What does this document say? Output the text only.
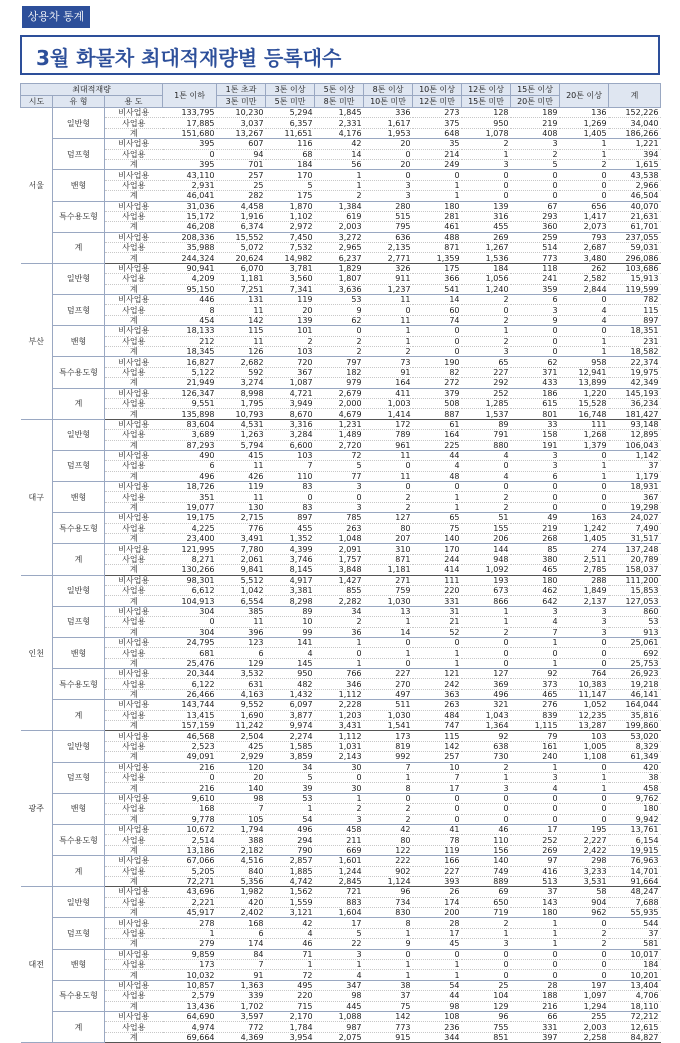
상용차 통계
3월 화물차 최대적재량별 등록대수
최대적재량			1톤 이하	1톤 초과	3톤 이상	5톤 이상	8톤 이상	10톤 이상	12톤 이상	15톤 이상	20톤 이상	계
시도	유 형	용 도		3톤 미만	5톤 미만	8톤 미만	10톤 미만	12톤 미만	15톤 미만	20톤 미만		
서울	일반형	비사업용	133,795	10,230	5,294	1,845	336	273	128	189	136	152,226
		사업용	17,885	3,037	6,357	2,331	1,617	375	950	219	1,269	34,040
		계	151,680	13,267	11,651	4,176	1,953	648	1,078	408	1,405	186,266
	덤프형	비사업용	395	607	116	42	20	35	2	3	1	1,221
		사업용	0	94	68	14	0	214	1	2	1	394
		계	395	701	184	56	20	249	3	5	2	1,615
	밴형	비사업용	43,110	257	170	1	0	0	0	0	0	43,538
		사업용	2,931	25	5	1	3	1	0	0	0	2,966
		계	46,041	282	175	2	3	1	0	0	0	46,504
	특수용도형	비사업용	31,036	4,458	1,870	1,384	280	180	139	67	656	40,070
		사업용	15,172	1,916	1,102	619	515	281	316	293	1,417	21,631
		계	46,208	6,374	2,972	2,003	795	461	455	360	2,073	61,701
	계	비사업용	208,336	15,552	7,450	3,272	636	488	269	259	793	237,055
		사업용	35,988	5,072	7,532	2,965	2,135	871	1,267	514	2,687	59,031
		계	244,324	20,624	14,982	6,237	2,771	1,359	1,536	773	3,480	296,086
부산	일반형	비사업용	90,941	6,070	3,781	1,829	326	175	184	118	262	103,686
		사업용	4,209	1,181	3,560	1,807	911	366	1,056	241	2,582	15,913
		계	95,150	7,251	7,341	3,636	1,237	541	1,240	359	2,844	119,599
	덤프형	비사업용	446	131	119	53	11	14	2	6	0	782
		사업용	8	11	20	9	0	60	0	3	4	115
		계	454	142	139	62	11	74	2	9	4	897
	밴형	비사업용	18,133	115	101	0	1	0	1	0	0	18,351
		사업용	212	11	2	2	1	0	2	0	1	231
		계	18,345	126	103	2	2	0	3	0	1	18,582
	특수용도형	비사업용	16,827	2,682	720	797	73	190	65	62	958	22,374
		사업용	5,122	592	367	182	91	82	227	371	12,941	19,975
		계	21,949	3,274	1,087	979	164	272	292	433	13,899	42,349
	계	비사업용	126,347	8,998	4,721	2,679	411	379	252	186	1,220	145,193
		사업용	9,551	1,795	3,949	2,000	1,003	508	1,285	615	15,528	36,234
		계	135,898	10,793	8,670	4,679	1,414	887	1,537	801	16,748	181,427
대구	일반형	비사업용	83,604	4,531	3,316	1,231	172	61	89	33	111	93,148
		사업용	3,689	1,263	3,284	1,489	789	164	791	158	1,268	12,895
		계	87,293	5,794	6,600	2,720	961	225	880	191	1,379	106,043
	덤프형	비사업용	490	415	103	72	11	44	4	3	0	1,142
		사업용	6	11	7	5	0	4	0	3	1	37
		계	496	426	110	77	11	48	4	6	1	1,179
	밴형	비사업용	18,726	119	83	3	0	0	0	0	0	18,931
		사업용	351	11	0	0	2	1	2	0	0	367
		계	19,077	130	83	3	2	1	2	0	0	19,298
	특수용도형	비사업용	19,175	2,715	897	785	127	65	51	49	163	24,027
		사업용	4,225	776	455	263	80	75	155	219	1,242	7,490
		계	23,400	3,491	1,352	1,048	207	140	206	268	1,405	31,517
	계	비사업용	121,995	7,780	4,399	2,091	310	170	144	85	274	137,248
		사업용	8,271	2,061	3,746	1,757	871	244	948	380	2,511	20,789
		계	130,266	9,841	8,145	3,848	1,181	414	1,092	465	2,785	158,037
인천	일반형	비사업용	98,301	5,512	4,917	1,427	271	111	193	180	288	111,200
		사업용	6,612	1,042	3,381	855	759	220	673	462	1,849	15,853
		계	104,913	6,554	8,298	2,282	1,030	331	866	642	2,137	127,053
	덤프형	비사업용	304	385	89	34	13	31	1	3	3	860
		사업용	0	11	10	2	1	21	1	4	3	53
		계	304	396	99	36	14	52	2	7	3	913
	밴형	비사업용	24,795	123	141	1	0	0	0	1	0	25,061
		사업용	681	6	4	0	1	1	0	0	0	692
		계	25,476	129	145	1	0	1	0	1	0	25,753
	특수용도형	비사업용	20,344	3,532	950	766	227	121	127	92	764	26,923
		사업용	6,122	631	482	346	270	242	369	373	10,383	19,218
		계	26,466	4,163	1,432	1,112	497	363	496	465	11,147	46,141
	계	비사업용	143,744	9,552	6,097	2,228	511	263	321	276	1,052	164,044
		사업용	13,415	1,690	3,877	1,203	1,030	484	1,043	839	12,235	35,816
		계	157,159	11,242	9,974	3,431	1,541	747	1,364	1,115	13,287	199,860
광주	일반형	비사업용	46,568	2,504	2,274	1,112	173	115	92	79	103	53,020
		사업용	2,523	425	1,585	1,031	819	142	638	161	1,005	8,329
		계	49,091	2,929	3,859	2,143	992	257	730	240	1,108	61,349
	덤프형	비사업용	216	120	34	30	7	10	2	1	0	420
		사업용	0	20	5	0	1	7	1	3	1	38
		계	216	140	39	30	8	17	3	4	1	458
	밴형	비사업용	9,610	98	53	1	0	0	0	0	0	9,762
		사업용	168	7	1	2	2	0	0	0	0	180
		계	9,778	105	54	3	2	0	0	0	0	9,942
	특수용도형	비사업용	10,672	1,794	496	458	42	41	46	17	195	13,761
		사업용	2,514	388	294	211	80	78	110	252	2,227	6,154
		계	13,186	2,182	790	669	122	119	156	269	2,422	19,915
	계	비사업용	67,066	4,516	2,857	1,601	222	166	140	97	298	76,963
		사업용	5,205	840	1,885	1,244	902	227	749	416	3,233	14,701
		계	72,271	5,356	4,742	2,845	1,124	393	889	513	3,531	91,664
대전	일반형	비사업용	43,696	1,982	1,562	721	96	26	69	37	58	48,247
		사업용	2,221	420	1,559	883	734	174	650	143	904	7,688
		계	45,917	2,402	3,121	1,604	830	200	719	180	962	55,935
	덤프형	비사업용	278	168	42	17	8	28	2	1	0	544
		사업용	1	6	4	5	1	17	1	1	2	37
		계	279	174	46	22	9	45	3	1	2	581
	밴형	비사업용	9,859	84	71	3	0	0	0	0	0	10,017
		사업용	173	7	1	1	1	1	0	0	0	184
		계	10,032	91	72	4	1	1	0	0	0	10,201
	특수용도형	비사업용	10,857	1,363	495	347	38	54	25	28	197	13,404
		사업용	2,579	339	220	98	37	44	104	188	1,097	4,706
		계	13,436	1,702	715	445	75	98	129	216	1,294	18,110
	계	비사업용	64,690	3,597	2,170	1,088	142	108	96	66	255	72,212
		사업용	4,974	772	1,784	987	773	236	755	331	2,003	12,615
		계	69,664	4,369	3,954	2,075	915	344	851	397	2,258	84,827
